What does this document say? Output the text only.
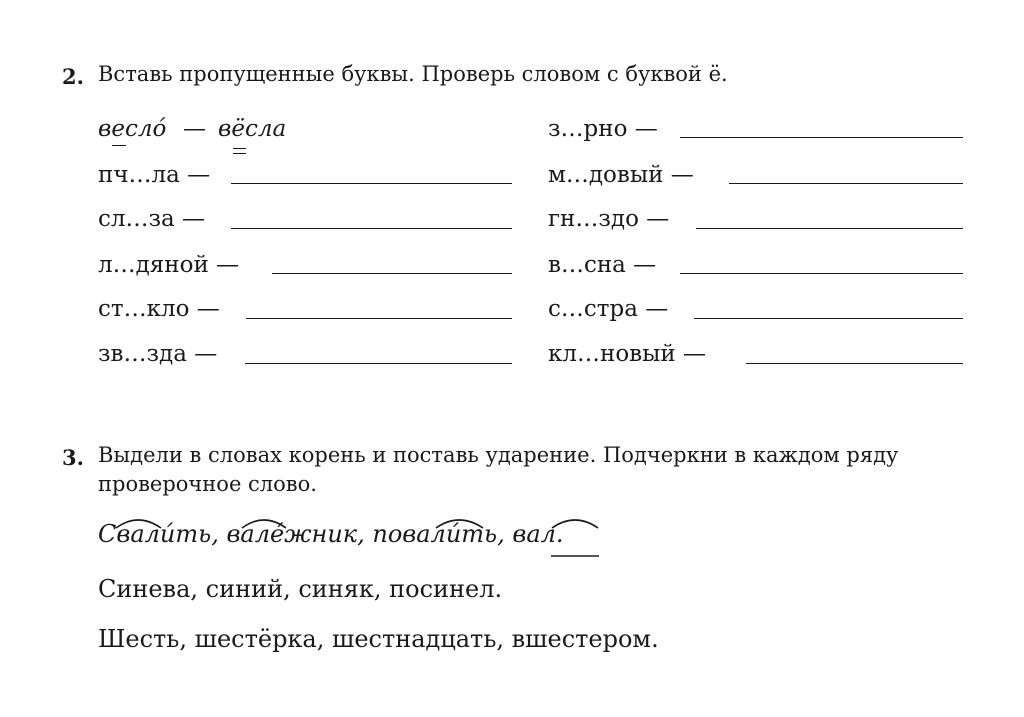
2. Вставь пропущенные буквы. Проверь словом с буквой ё.
весло́ — вёсла
пч…ла —
сл…за —
л…дяной —
ст…кло —
зв…зда —
з…рно —
м…довый —
гн…здо —
в…сна —
с…стра —
кл…новый —
3. Выдели в словах корень и поставь ударение. Подчеркни в каждом ряду
проверочное слово.
Свали́ть, вале́жник, повали́ть, вал.
Синева, синий, синяк, посинел.
Шесть, шестёрка, шестнадцать, вшестером.
